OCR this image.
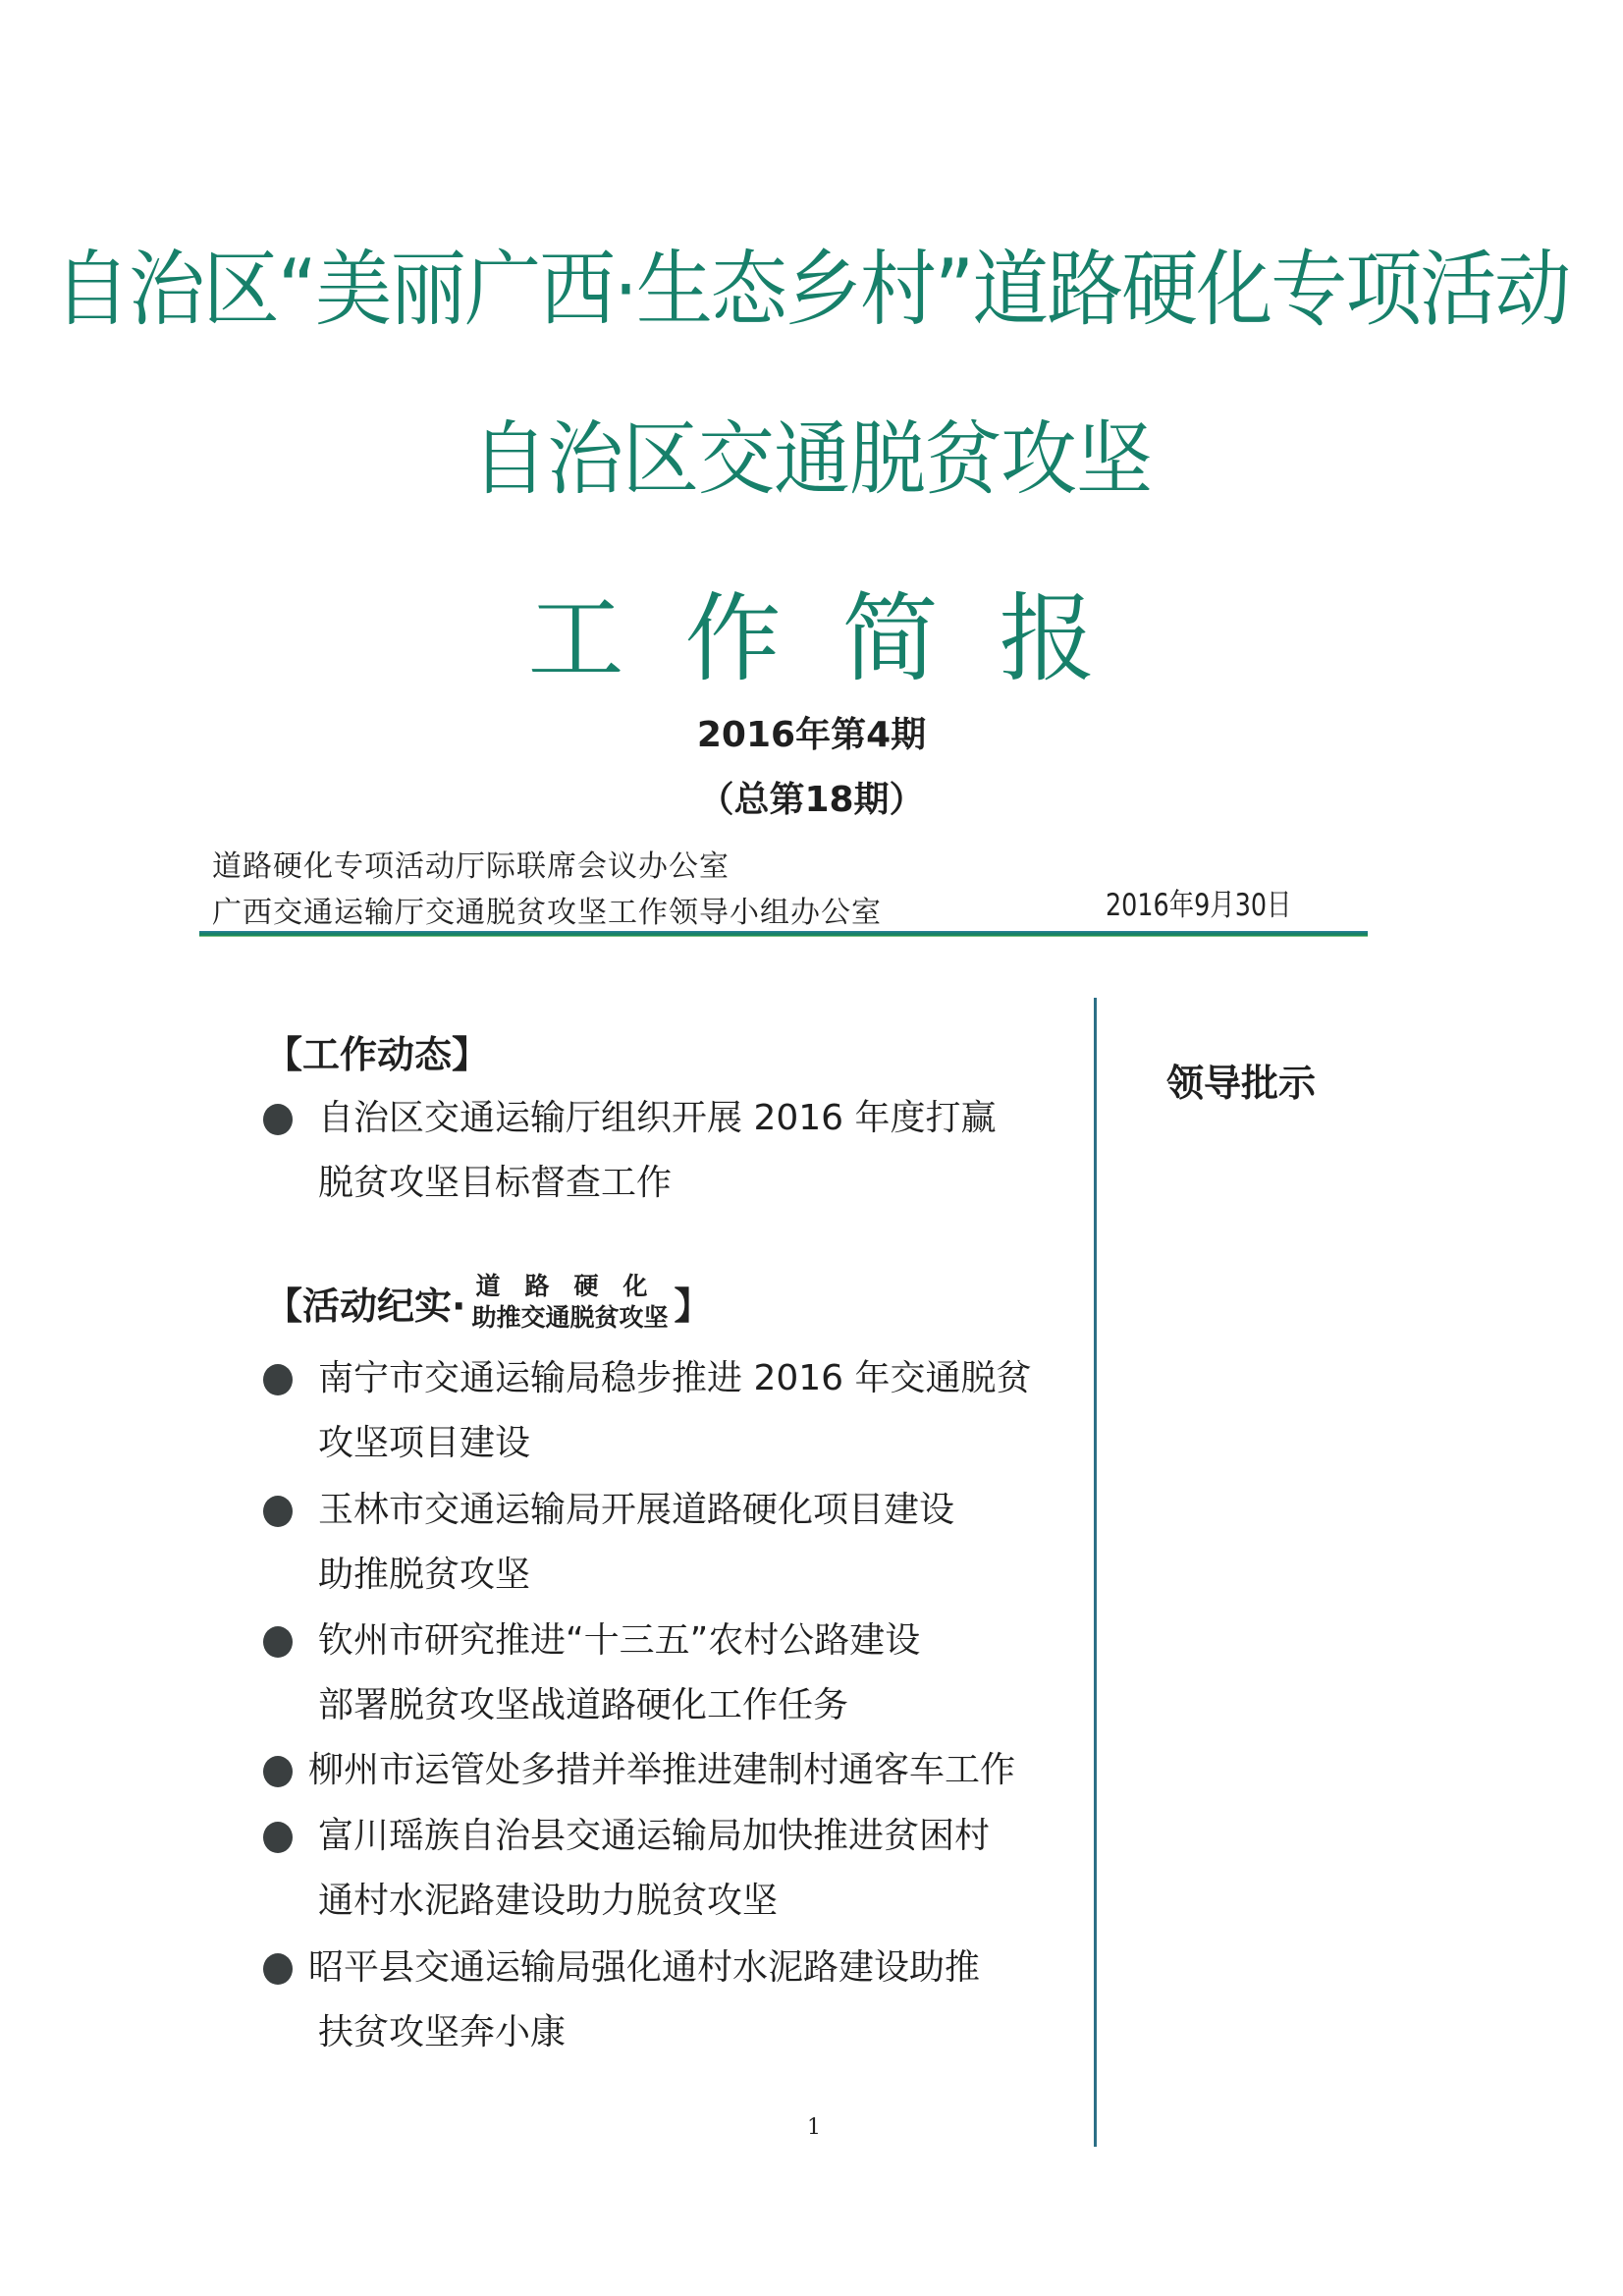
自治区“美丽广西·生态乡村”道路硬化专项活动
自治区交通脱贫攻坚
工作简报
2016年第4期
（总第18期）
道路硬化专项活动厅际联席会议办公室
广西交通运输厅交通脱贫攻坚工作领导小组办公室	2016年9月30日
【工作动态】
自治区交通运输厅组织开展 2016 年度打赢
脱贫攻坚目标督查工作
【活动纪实· 道路硬化
助推交通脱贫攻坚 】
南宁市交通运输局稳步推进 2016 年交通脱贫
攻坚项目建设
玉林市交通运输局开展道路硬化项目建设
助推脱贫攻坚
钦州市研究推进“十三五”农村公路建设
部署脱贫攻坚战道路硬化工作任务
柳州市运管处多措并举推进建制村通客车工作
富川瑶族自治县交通运输局加快推进贫困村
通村水泥路建设助力脱贫攻坚
昭平县交通运输局强化通村水泥路建设助推
扶贫攻坚奔小康
领导批示
1
